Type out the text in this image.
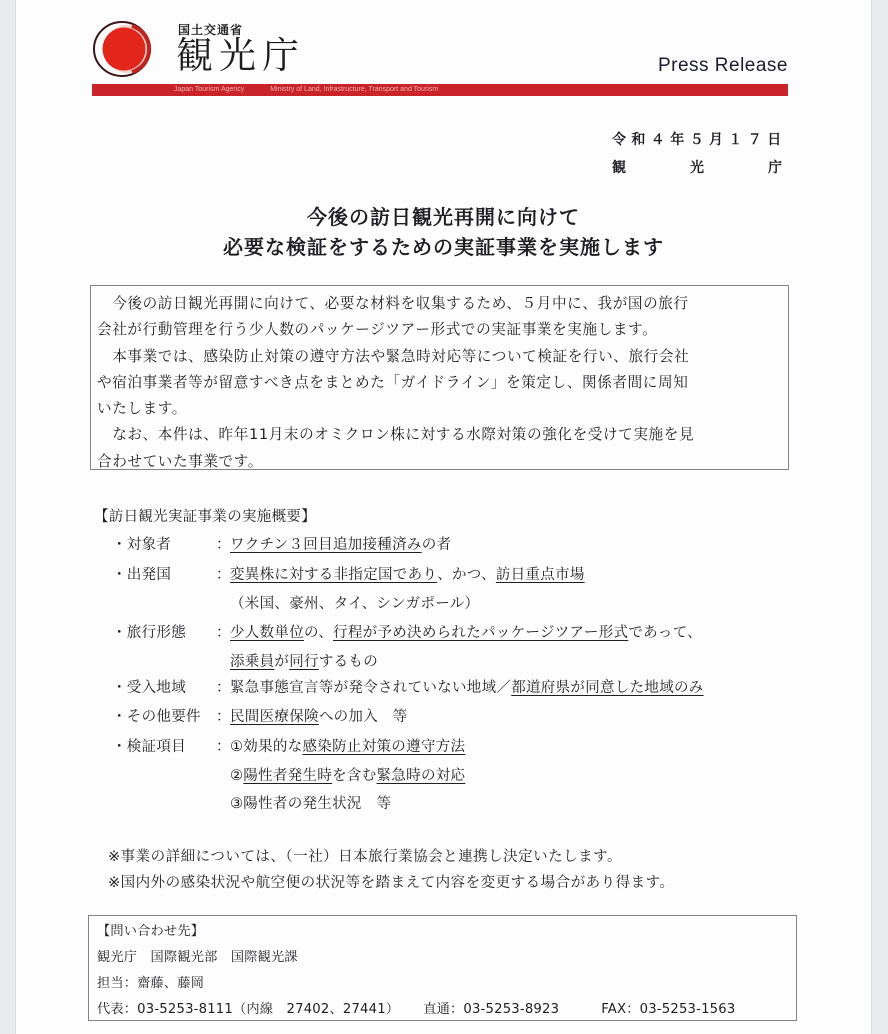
国土交通省
観光庁	Press Release
Japan Tourism Agency	Ministry of Land, Infrastructure, Transport and Tourism
令和４年５月１７日
観	光	庁
今後の訪日観光再開に向けて
必要な検証をするための実証事業を実施します
　今後の訪日観光再開に向けて、必要な材料を収集するため、５月中に、我が国の旅行
会社が行動管理を行う少人数のパッケージツアー形式での実証事業を実施します。
　本事業では、感染防止対策の遵守方法や緊急時対応等について検証を行い、旅行会社
や宿泊事業者等が留意すべき点をまとめた「ガイドライン」を策定し、関係者間に周知
いたします。
　なお、本件は、昨年11月末のオミクロン株に対する水際対策の強化を受けて実施を見
合わせていた事業です。
【訪日観光実証事業の実施概要】
・対象者	： ワクチン３回目追加接種済みの者
・出発国	： 変異株に対する非指定国であり、かつ、訪日重点市場
（米国、豪州、タイ、シンガポール）
・旅行形態 ： 少人数単位の、行程が予め決められたパッケージツアー形式であって、
添乗員が同行するもの
・受入地域 ： 緊急事態宣言等が発令されていない地域／都道府県が同意した地域のみ
・その他要件 ： 民間医療保険への加入　等
・検証項目 ： ①効果的な感染防止対策の遵守方法
②陽性者発生時を含む緊急時の対応
③陽性者の発生状況　等
※事業の詳細については、（一社）日本旅行業協会と連携し決定いたします。
※国内外の感染状況や航空便の状況等を踏まえて内容を変更する場合があり得ます。
【問い合わせ先】
観光庁　国際観光部　国際観光課
担当：齋藤、藤岡
代表：03-5253-8111（内線　27402、27441） 直通：03-5253-8923	FAX：03-5253-1563
